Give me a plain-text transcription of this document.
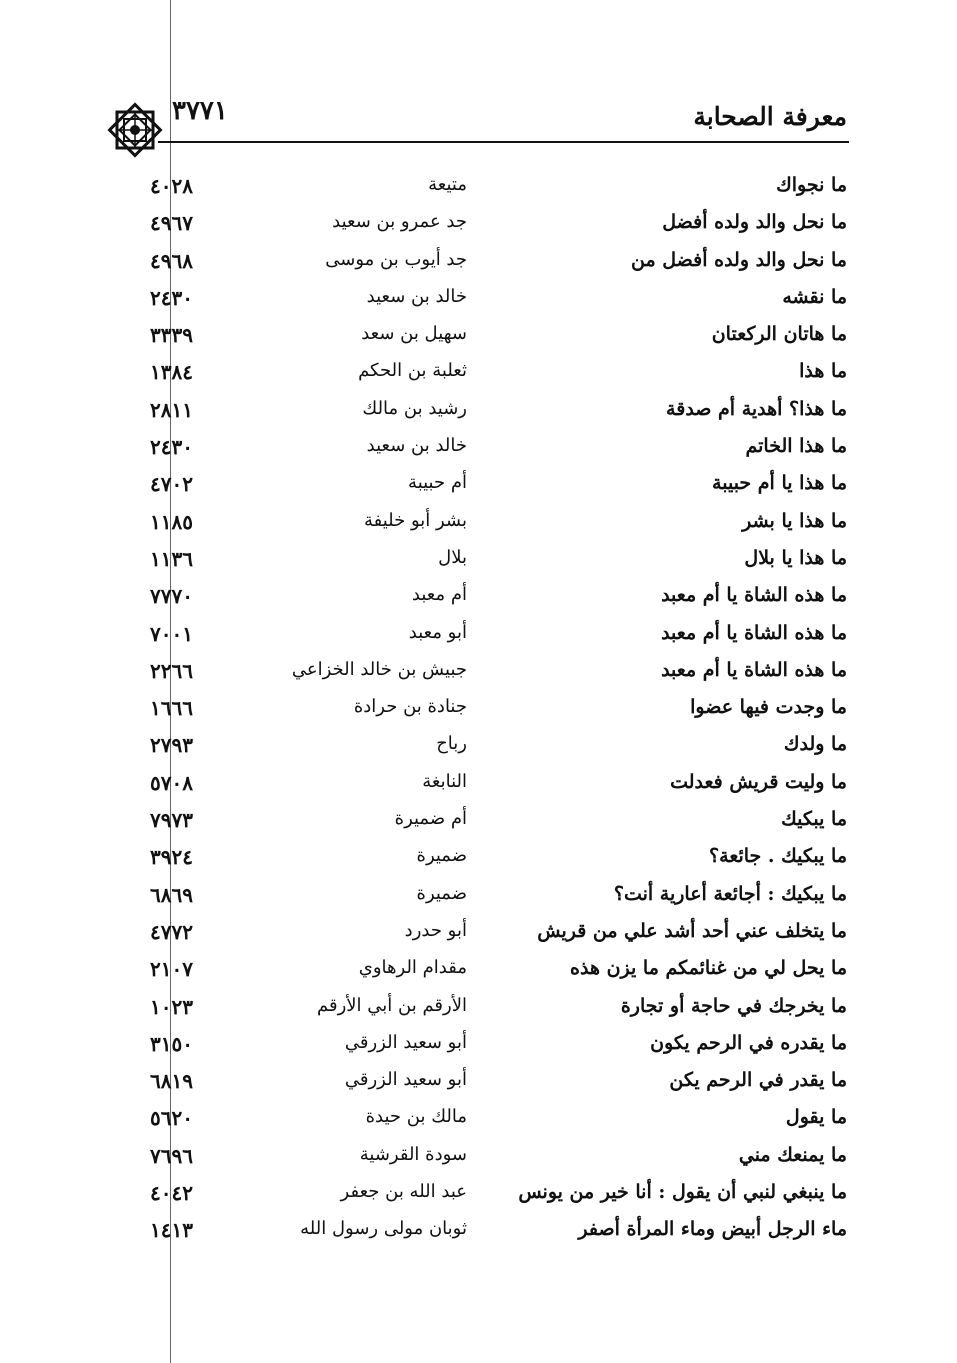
معرفة الصحابة
٣٧٧١
ما نجواك
متيعة
٤٠٢٨
ما نحل والد ولده أفضل
جد عمرو بن سعيد
٤٩٦٧
ما نحل والد ولده أفضل من
جد أيوب بن موسى
٤٩٦٨
ما نقشه
خالد بن سعيد
٢٤٣٠
ما هاتان الركعتان
سهيل بن سعد
٣٣٣٩
ما هذا
ثعلبة بن الحكم
١٣٨٤
ما هذا؟ أهدية أم صدقة
رشيد بن مالك
٢٨١١
ما هذا الخاتم
خالد بن سعيد
٢٤٣٠
ما هذا يا أم حبيبة
أم حبيبة
٤٧٠٢
ما هذا يا بشر
بشر أبو خليفة
١١٨٥
ما هذا يا بلال
بلال
١١٣٦
ما هذه الشاة يا أم معبد
أم معبد
٧٧٧٠
ما هذه الشاة يا أم معبد
أبو معبد
٧٠٠١
ما هذه الشاة يا أم معبد
جبيش بن خالد الخزاعي
٢٢٦٦
ما وجدت فيها عضوا
جنادة بن حرادة
١٦٦٦
ما ولدك
رباح
٢٧٩٣
ما وليت قريش فعدلت
النابغة
٥٧٠٨
ما يبكيك
أم ضميرة
٧٩٧٣
ما يبكيك . جائعة؟
ضميرة
٣٩٢٤
ما يبكيك : أجائعة أعارية أنت؟
ضميرة
٦٨٦٩
ما يتخلف عني أحد أشد علي من قريش
أبو حدرد
٤٧٧٢
ما يحل لي من غنائمكم ما يزن هذه
مقدام الرهاوي
٢١٠٧
ما يخرجك في حاجة أو تجارة
الأرقم بن أبي الأرقم
١٠٢٣
ما يقدره في الرحم يكون
أبو سعيد الزرقي
٣١٥٠
ما يقدر في الرحم يكن
أبو سعيد الزرقي
٦٨١٩
ما يقول
مالك بن حيدة
٥٦٢٠
ما يمنعك مني
سودة القرشية
٧٦٩٦
ما ينبغي لنبي أن يقول : أنا خير من يونس
عبد الله بن جعفر
٤٠٤٢
ماء الرجل أبيض وماء المرأة أصفر
ثوبان مولى رسول الله
١٤١٣
